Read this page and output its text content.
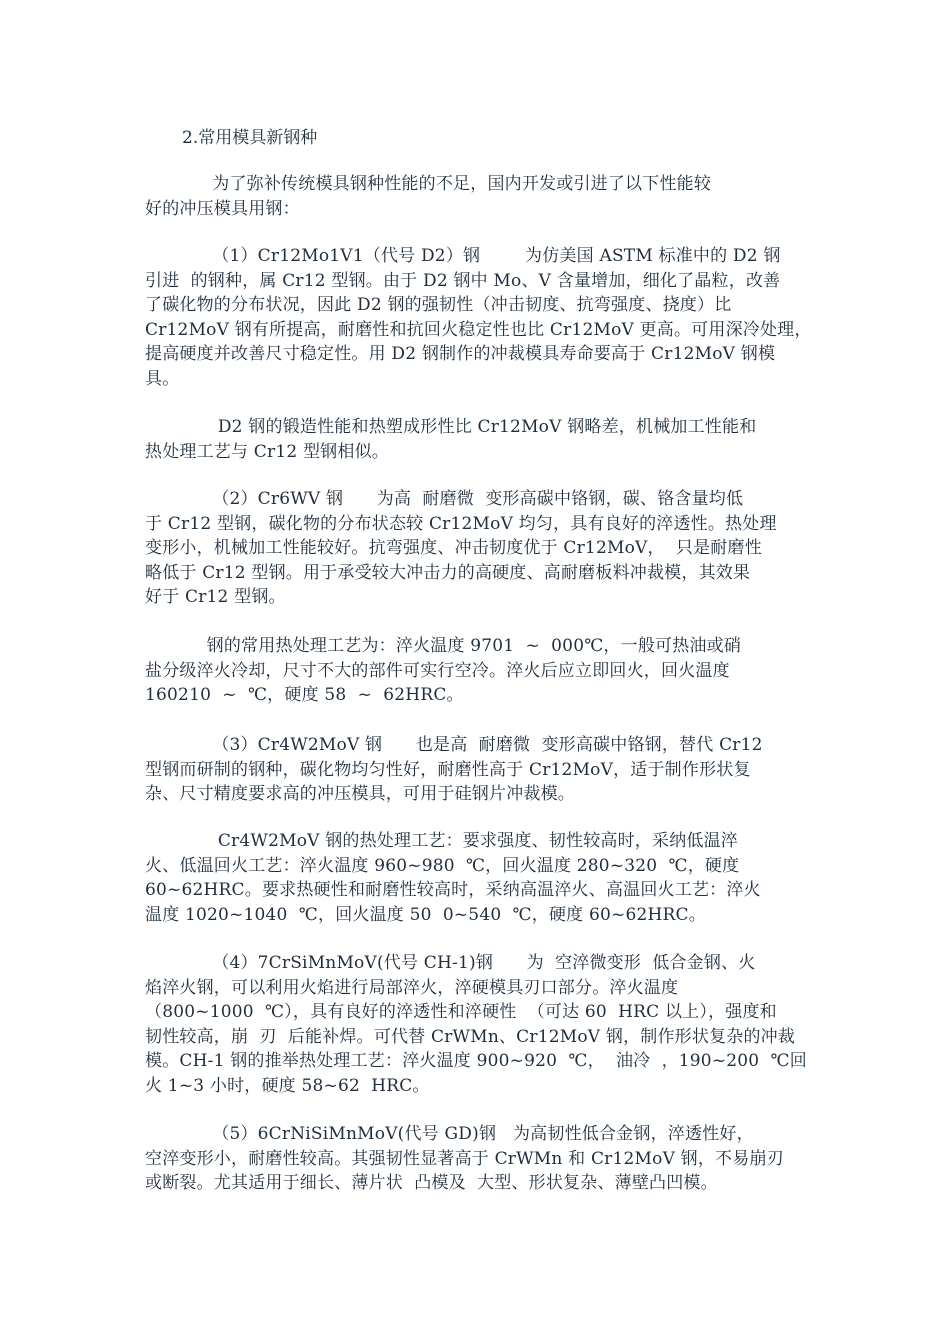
2.常用模具新钢种
为了弥补传统模具钢种性能的不足，国内开发或引进了以下性能较
好的冲压模具用钢：
（1）Cr12Mo1V1（代号 D2）钢        为仿美国 ASTM 标准中的 D2 钢
引进  的钢种，属 Cr12 型钢。由于 D2 钢中 Mo、V 含量增加，细化了晶粒，改善
了碳化物的分布状况，因此 D2 钢的强韧性（冲击韧度、抗弯强度、挠度）比
Cr12MoV 钢有所提高，耐磨性和抗回火稳定性也比 Cr12MoV 更高。可用深冷处理，
提高硬度并改善尺寸稳定性。用 D2 钢制作的冲裁模具寿命要高于 Cr12MoV 钢模
具。
D2 钢的锻造性能和热塑成形性比 Cr12MoV 钢略差，机械加工性能和
热处理工艺与 Cr12 型钢相似。
（2）Cr6WV 钢      为高  耐磨微  变形高碳中铬钢，碳、铬含量均低
于 Cr12 型钢，碳化物的分布状态较 Cr12MoV 均匀，具有良好的淬透性。热处理
变形小，机械加工性能较好。抗弯强度、冲击韧度优于 Cr12MoV，  只是耐磨性
略低于 Cr12 型钢。用于承受较大冲击力的高硬度、高耐磨板料冲裁模，其效果
好于 Cr12 型钢。
钢的常用热处理工艺为：淬火温度 9701  ~  000℃，一般可热油或硝
盐分级淬火冷却，尺寸不大的部件可实行空冷。淬火后应立即回火，回火温度
160210  ~  ℃，硬度 58  ~  62HRC。
（3）Cr4W2MoV 钢      也是高  耐磨微  变形高碳中铬钢，替代 Cr12
型钢而研制的钢种，碳化物均匀性好，耐磨性高于 Cr12MoV，适于制作形状复
杂、尺寸精度要求高的冲压模具，可用于硅钢片冲裁模。
Cr4W2MoV 钢的热处理工艺：要求强度、韧性较高时，采纳低温淬
火、低温回火工艺：淬火温度 960~980  ℃，回火温度 280~320  ℃，硬度
60~62HRC。要求热硬性和耐磨性较高时，采纳高温淬火、高温回火工艺：淬火
温度 1020~1040  ℃，回火温度 50  0~540  ℃，硬度 60~62HRC。
（4）7CrSiMnMoV(代号 CH-1)钢      为  空淬微变形  低合金钢、火
焰淬火钢，可以利用火焰进行局部淬火，淬硬模具刃口部分。淬火温度
（800~1000  ℃），具有良好的淬透性和淬硬性  （可达 60  HRC 以上），强度和
韧性较高，崩  刃  后能补焊。可代替 CrWMn、Cr12MoV 钢，制作形状复杂的冲裁
模。CH-1 钢的推举热处理工艺：淬火温度 900~920  ℃，  油冷  ，190~200  ℃回
火 1~3 小时，硬度 58~62  HRC。
（5）6CrNiSiMnMoV(代号 GD)钢   为高韧性低合金钢，淬透性好，
空淬变形小，耐磨性较高。其强韧性显著高于 CrWMn 和 Cr12MoV 钢，不易崩刃
或断裂。尤其适用于细长、薄片状  凸模及  大型、形状复杂、薄壁凸凹模。
